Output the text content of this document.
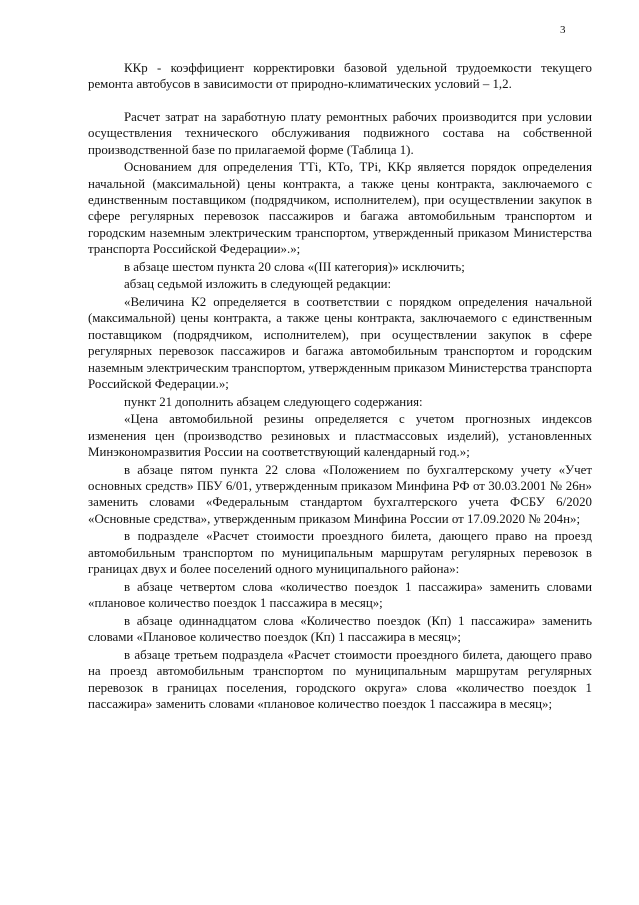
3

ККр - коэффициент корректировки базовой удельной трудоемкости текущего ремонта автобусов в зависимости от природно-климатических условий – 1,2.

Расчет затрат на заработную плату ремонтных рабочих производится при условии осуществления технического обслуживания подвижного состава на собственной производственной базе по прилагаемой форме (Таблица 1).

Основанием для определения ТТi, КТо, ТPi, ККр является порядок определения начальной (максимальной) цены контракта, а также цены контракта, заключаемого с единственным поставщиком (подрядчиком, исполнителем), при осуществлении закупок в сфере регулярных перевозок пассажиров и багажа автомобильным транспортом и городским наземным электрическим транспортом, утвержденный приказом Министерства транспорта Российской Федерации».»;

в абзаце шестом пункта 20 слова «(III категория)» исключить;

абзац седьмой изложить в следующей редакции:

«Величина К2 определяется в соответствии с порядком определения начальной (максимальной) цены контракта, а также цены контракта, заключаемого с единственным поставщиком (подрядчиком, исполнителем), при осуществлении закупок в сфере регулярных перевозок пассажиров и багажа автомобильным транспортом и городским наземным электрическим транспортом, утвержденным приказом Министерства транспорта Российской Федерации.»;

пункт 21 дополнить абзацем следующего содержания:

«Цена автомобильной резины определяется с учетом прогнозных индексов изменения цен (производство резиновых и пластмассовых изделий), установленных Минэкономразвития России на соответствующий календарный год.»;

в абзаце пятом пункта 22 слова «Положением по бухгалтерскому учету «Учет основных средств» ПБУ 6/01, утвержденным приказом Минфина РФ от 30.03.2001 № 26н» заменить словами «Федеральным стандартом бухгалтерского учета ФСБУ 6/2020 «Основные средства», утвержденным приказом Минфина России от 17.09.2020 № 204н»;

в подразделе «Расчет стоимости проездного билета, дающего право на проезд автомобильным транспортом по муниципальным маршрутам регулярных перевозок в границах двух и более поселений одного муниципального района»:

в абзаце четвертом слова «количество поездок 1 пассажира» заменить словами «плановое количество поездок 1 пассажира в месяц»;

в абзаце одиннадцатом слова «Количество поездок (Кп) 1 пассажира» заменить словами «Плановое количество поездок (Кп) 1 пассажира в месяц»;

в абзаце третьем подраздела «Расчет стоимости проездного билета, дающего право на проезд автомобильным транспортом по муниципальным маршрутам регулярных перевозок в границах поселения, городского округа» слова «количество поездок 1 пассажира» заменить словами «плановое количество поездок 1 пассажира в месяц»;
